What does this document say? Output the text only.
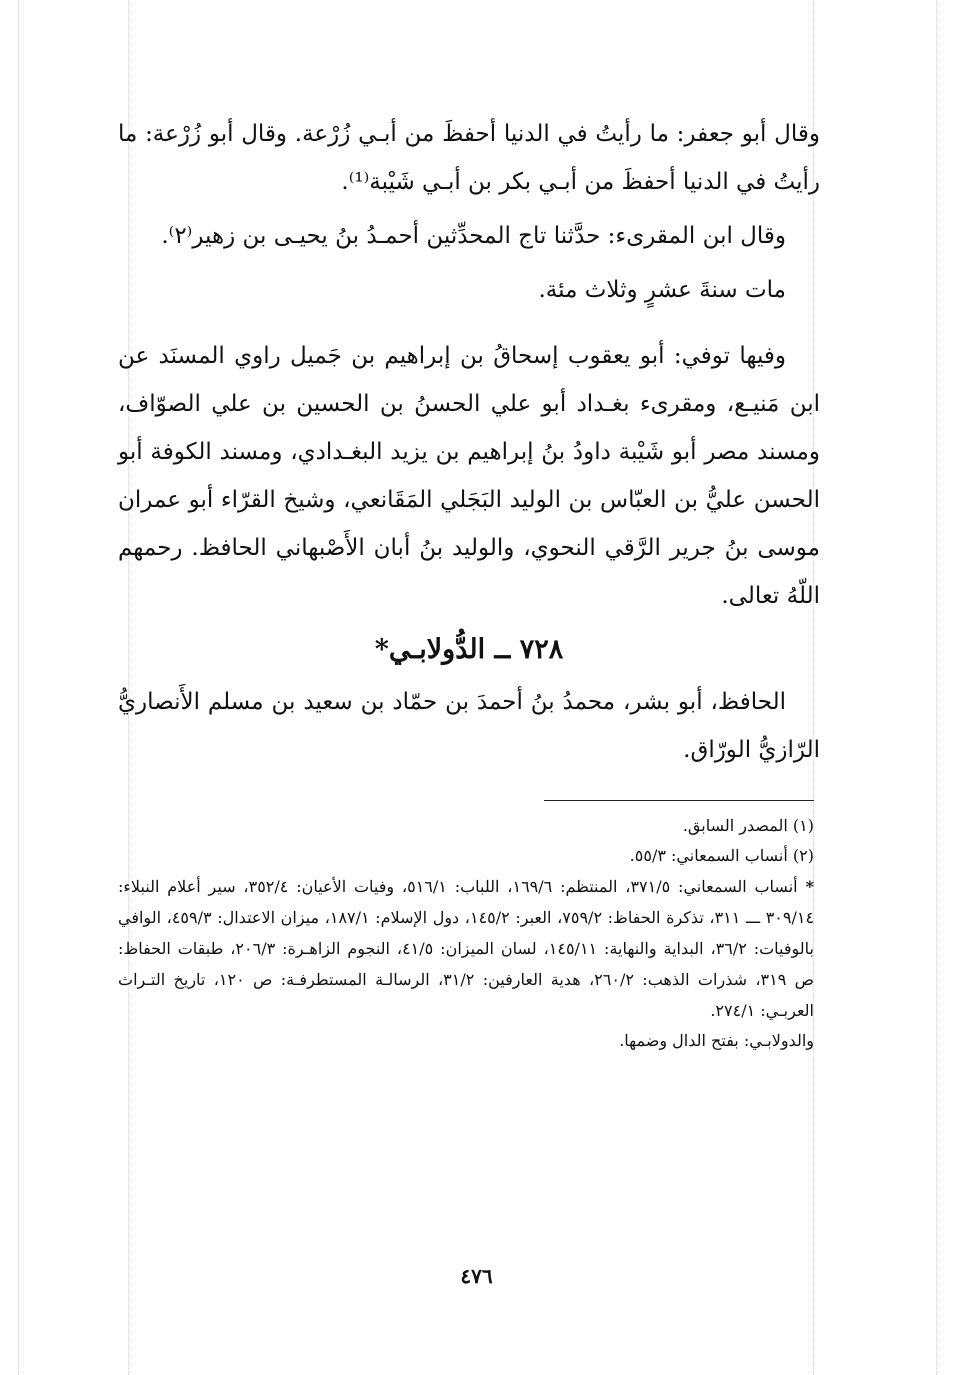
وقال أبو جعفر: ما رأيتُ في الدنيا أحفظَ من أبـي زُرْعة. وقال أبو زُرْعة: ما رأيتُ في الدنيا أحفظَ من أبـي بكر بن أبـي شَيْبة⁽¹⁾.

وقال ابن المقرىء: حدَّثنا تاج المحدِّثين أحمـدُ بنُ يحيـى بن زهير⁽٢⁾.

مات سنةَ عشرٍ وثلاث مئة.

وفيها توفي: أبو يعقوب إسحاقُ بن إبراهيم بن جَميل راوي المسنَد عن ابن مَنيـع، ومقرىء بغـداد أبو علي الحسنُ بن الحسين بن علي الصوّاف، ومسند مصر أبو شَيْبة داودُ بنُ إبراهيم بن يزيد البغـدادي، ومسند الكوفة أبو الحسن عليُّ بن العبّاس بن الوليد البَجَلي المَقَانعي، وشيخ القرّاء أبو عمران موسى بنُ جرير الرَّقي النحوي، والوليد بنُ أبان الأَصْبهاني الحافظ. رحمهم اللّهُ تعالى.

٧٢٨ ــ الدُّولابـي*

الحافظ، أبو بشر، محمدُ بنُ أحمدَ بن حمّاد بن سعيد بن مسلم الأَنصاريُّ الرّازيُّ الورّاق.

(١) المصدر السابق.

(٢) أنساب السمعاني: ٥٥/٣.

*أنساب السمعاني: ٣٧١/٥، المنتظم: ١٦٩/٦، اللباب: ٥١٦/١، وفيات الأعيان: ٣٥٢/٤، سير أعلام النبلاء: ٣٠٩/١٤ ـــ ٣١١، تذكرة الحفاظ: ٧٥٩/٢، العبر: ١٤٥/٢، دول الإسلام: ١٨٧/١، ميزان الاعتدال: ٤٥٩/٣، الوافي بالوفيات: ٣٦/٢، البداية والنهاية: ١٤٥/١١، لسان الميزان: ٤١/٥، النجوم الزاهـرة: ٢٠٦/٣، طبقات الحفاظ: ص ٣١٩، شذرات الذهب: ٢٦٠/٢، هدية العارفين: ٣١/٢، الرسالـة المستطرفـة: ص ١٢٠، تاريخ التـراث العربـي: ٢٧٤/١.

والدولابـي: بفتح الدال وضمها.

٤٧٦
